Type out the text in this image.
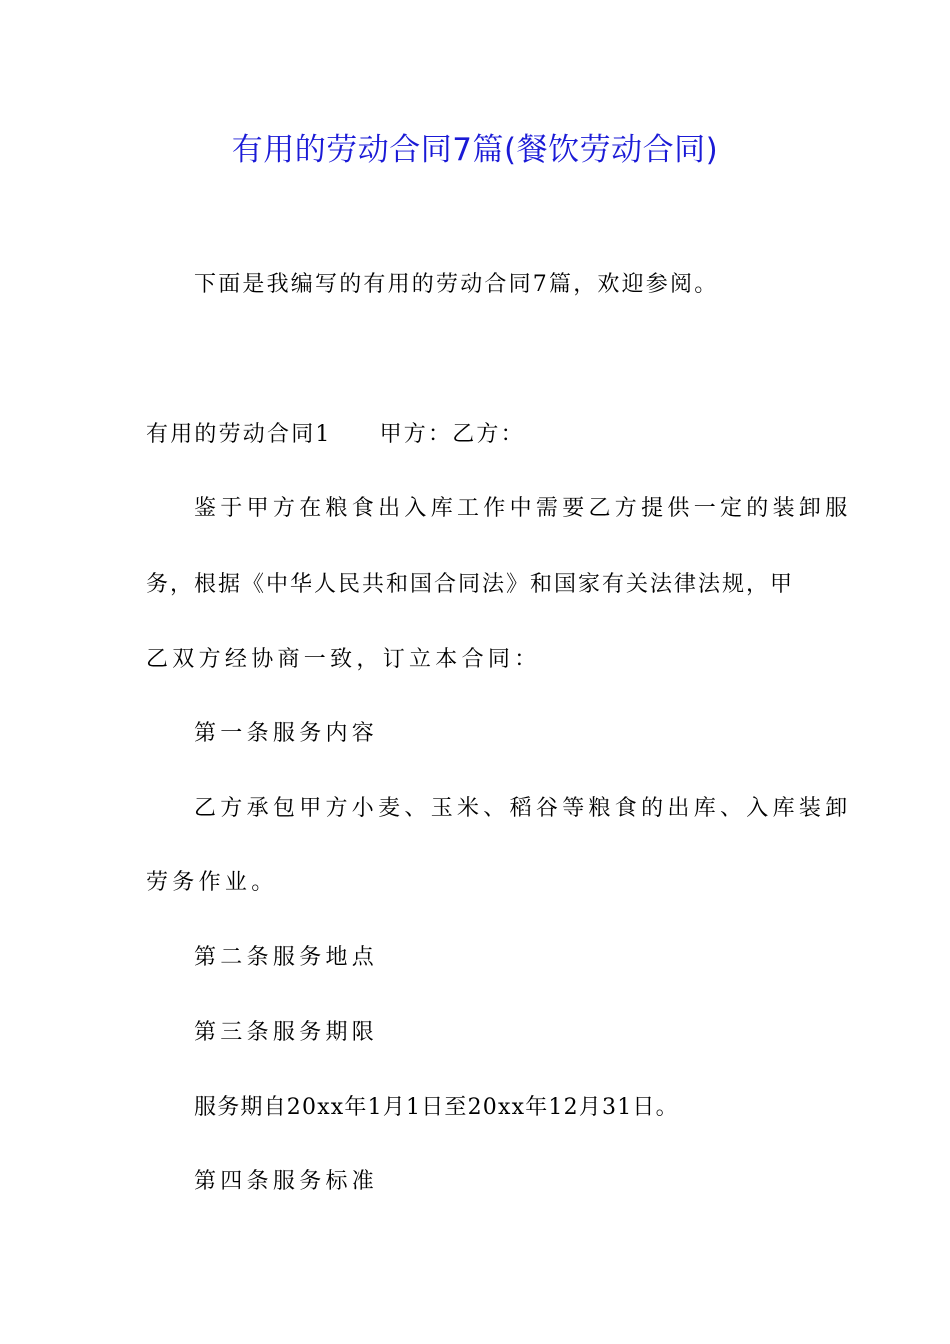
有用的劳动合同7篇(餐饮劳动合同)
下面是我编写的有用的劳动合同7篇，欢迎参阅。
有用的劳动合同1 甲方：乙方：
鉴于甲方在粮食出入库工作中需要乙方提供一定的装卸服
务，根据《中华人民共和国合同法》和国家有关法律法规，甲
乙双方经协商一致，订立本合同：
第一条服务内容
乙方承包甲方小麦、玉米、稻谷等粮食的出库、入库装卸
劳务作业。
第二条服务地点
第三条服务期限
服务期自20xx年1月1日至20xx年12月31日。
第四条服务标准
